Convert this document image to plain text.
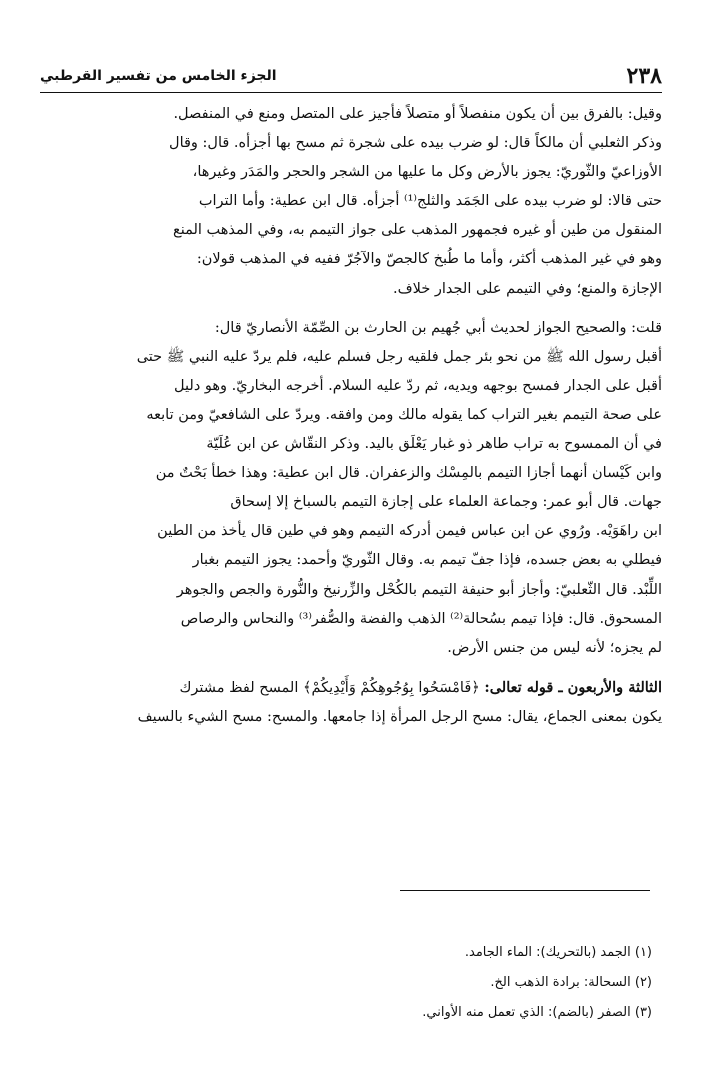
٢٣٨
الجزء الخامس من تفسير القرطبي
وقيل: بالفرق بين أن يكون منفصلاً أو متصلاً فأجيز على المتصل ومنع في المنفصل.
وذكر الثعلبي أن مالكاً قال: لو ضرب بيده على شجرة ثم مسح بها أجزأه. قال: وقال
الأوزاعيّ والثّوريّ: يجوز بالأرض وكل ما عليها من الشجر والحجر والمَدَر وغيرها،
حتى قالا: لو ضرب بيده على الجَمَد والثلج⁽¹⁾ أجزأه. قال ابن عطية: وأما التراب
المنقول من طين أو غيره فجمهور المذهب على جواز التيمم به، وفي المذهب المنع
وهو في غير المذهب أكثر، وأما ما طُبخ كالجصّ والآجُرّ ففيه في المذهب قولان:
الإجازة والمنع؛ وفي التيمم على الجدار خلاف.
قلت: والصحيح الجواز لحديث أبي جُهيم بن الحارث بن الصِّمّة الأنصاريّ قال:
أقبل رسول الله ﷺ من نحو بئر جمل فلقيه رجل فسلم عليه، فلم يردّ عليه النبي ﷺ حتى
أقبل على الجدار فمسح بوجهه ويديه، ثم ردّ عليه السلام. أخرجه البخاريّ. وهو دليل
على صحة التيمم بغير التراب كما يقوله مالك ومن وافقه. ويردّ على الشافعيّ ومن تابعه
في أن الممسوح به تراب طاهر ذو غبار يَعْلَق باليد. وذكر النقّاش عن ابن عُلَيّة
وابن كَيْسان أنهما أجازا التيمم بالمِسْك والزعفران. قال ابن عطية: وهذا خطأ بَحْتٌ من
جهات. قال أبو عمر: وجماعة العلماء على إجازة التيمم بالسباخ إلا إسحاق
ابن راهَوَيْه. ورُوي عن ابن عباس فيمن أدركه التيمم وهو في طين قال يأخذ من الطين
فيطلي به بعض جسده، فإذا جفّ تيمم به. وقال الثّوريّ وأحمد: يجوز التيمم بغبار
اللِّبْد. قال الثّعلبيّ: وأجاز أبو حنيفة التيمم بالكُحْل والزِّرنيخ والنُّورة والجص والجوهر
المسحوق. قال: فإذا تيمم بسُحالة⁽²⁾ الذهب والفضة والصُّفر⁽³⁾ والنحاس والرصاص
لم يجزه؛ لأنه ليس من جنس الأرض.
الثالثة والأربعون ـ قوله تعالى: ﴿فَامْسَحُوا بِوُجُوهِكُمْ وَأَيْدِيكُمْ﴾ المسح لفظ مشترك
يكون بمعنى الجماع، يقال: مسح الرجل المرأة إذا جامعها. والمسح: مسح الشيء بالسيف
(١) الجمد (بالتحريك): الماء الجامد.
(٢) السحالة: برادة الذهب الخ.
(٣) الصفر (بالضم): الذي تعمل منه الأواني.
